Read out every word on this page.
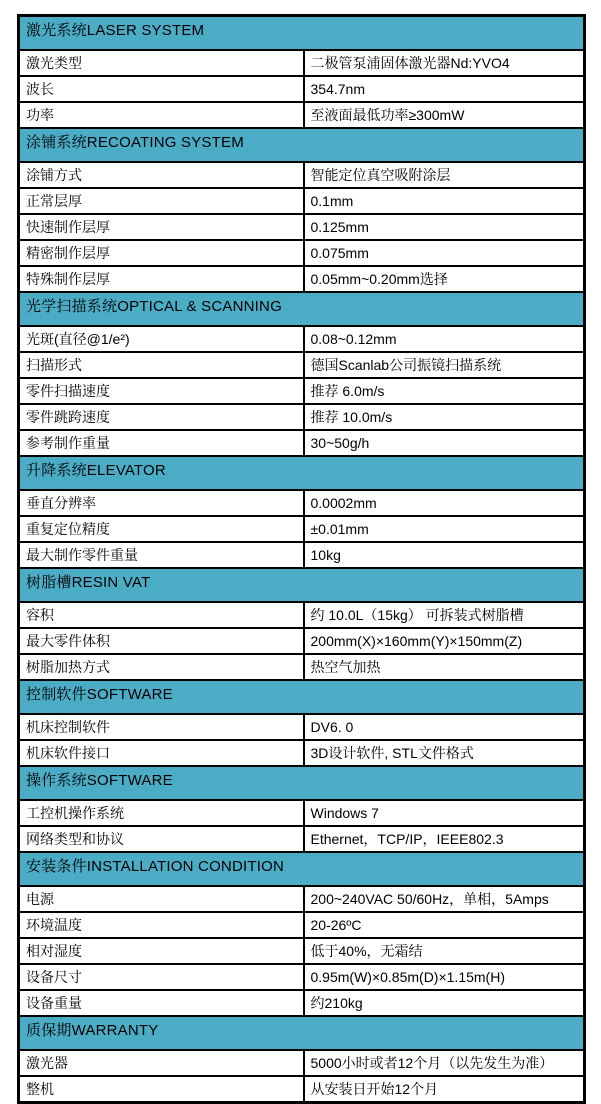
激光系统LASER SYSTEM	
激光类型	二极管泵浦固体激光器Nd:YVO4
波长	354.7nm
功率	至液面最低功率≥300mW
涂铺系统RECOATING SYSTEM	
涂铺方式	智能定位真空吸附涂层
正常层厚	0.1mm
快速制作层厚	0.125mm
精密制作层厚	0.075mm
特殊制作层厚	0.05mm~0.20mm选择
光学扫描系统OPTICAL & SCANNING	
光斑(直径@1/e²)	0.08~0.12mm
扫描形式	德国Scanlab公司振镜扫描系统
零件扫描速度	推荐 6.0m/s
零件跳跨速度	推荐 10.0m/s
参考制作重量	30~50g/h
升降系统ELEVATOR	
垂直分辨率	0.0002mm
重复定位精度	±0.01mm
最大制作零件重量	10kg
树脂槽RESIN VAT	
容积	约 10.0L（15kg） 可拆装式树脂槽
最大零件体积	200mm(X)×160mm(Y)×150mm(Z)
树脂加热方式	热空气加热
控制软件SOFTWARE	
机床控制软件	DV6. 0
机床软件接口	3D设计软件, STL文件格式
操作系统SOFTWARE	
工控机操作系统	Windows 7
网络类型和协议	Ethernet，TCP/IP，IEEE802.3
安装条件INSTALLATION CONDITION	
电源	200~240VAC 50/60Hz，单相，5Amps
环境温度	20-26ºC
相对湿度	低于40%，无霜结
设备尺寸	0.95m(W)×0.85m(D)×1.15m(H)
设备重量	约210kg
质保期WARRANTY	
激光器	5000小时或者12个月（以先发生为准）
整机	从安装日开始12个月
